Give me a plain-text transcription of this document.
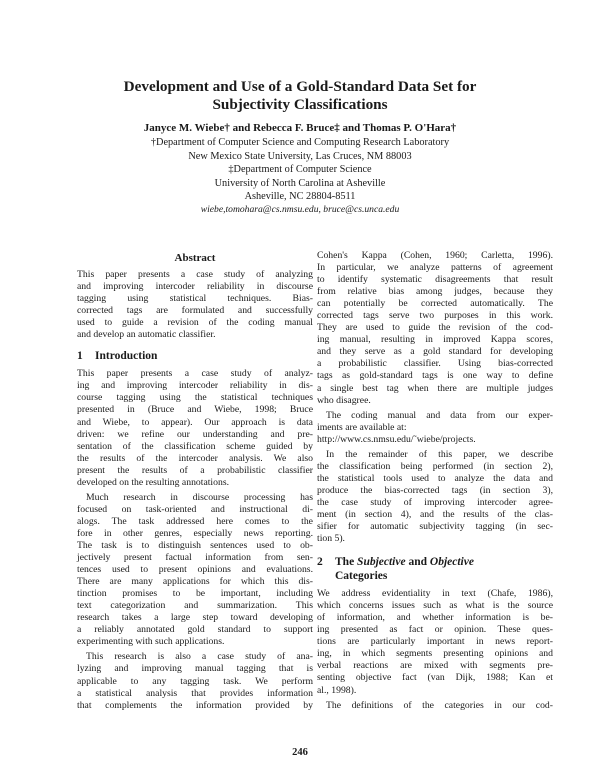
Development and Use of a Gold-Standard Data Set for
Subjectivity Classifications
Janyce M. Wiebe† and Rebecca F. Bruce‡ and Thomas P. O'Hara†
†Department of Computer Science and Computing Research Laboratory
New Mexico State University, Las Cruces, NM 88003
‡Department of Computer Science
University of North Carolina at Asheville
Asheville, NC 28804-8511
wiebe,tomohara@cs.nmsu.edu, bruce@cs.unca.edu
Abstract
This paper presents a case study of analyzing
and improving intercoder reliability in discourse
tagging using statistical techniques. Bias-
corrected tags are formulated and successfully
used to guide a revision of the coding manual
and develop an automatic classifier.
1 Introduction
This paper presents a case study of analyz-
ing and improving intercoder reliability in dis-
course tagging using the statistical techniques
presented in (Bruce and Wiebe, 1998; Bruce
and Wiebe, to appear). Our approach is data
driven: we refine our understanding and pre-
sentation of the classification scheme guided by
the results of the intercoder analysis. We also
present the results of a probabilistic classifier
developed on the resulting annotations.
Much research in discourse processing has
focused on task-oriented and instructional di-
alogs. The task addressed here comes to the
fore in other genres, especially news reporting.
The task is to distinguish sentences used to ob-
jectively present factual information from sen-
tences used to present opinions and evaluations.
There are many applications for which this dis-
tinction promises to be important, including
text categorization and summarization. This
research takes a large step toward developing
a reliably annotated gold standard to support
experimenting with such applications.
This research is also a case study of ana-
lyzing and improving manual tagging that is
applicable to any tagging task. We perform
a statistical analysis that provides information
that complements the information provided by
Cohen's Kappa (Cohen, 1960; Carletta, 1996).
In particular, we analyze patterns of agreement
to identify systematic disagreements that result
from relative bias among judges, because they
can potentially be corrected automatically. The
corrected tags serve two purposes in this work.
They are used to guide the revision of the cod-
ing manual, resulting in improved Kappa scores,
and they serve as a gold standard for developing
a probabilistic classifier. Using bias-corrected
tags as gold-standard tags is one way to define
a single best tag when there are multiple judges
who disagree.
The coding manual and data from our exper-
iments are available at:
http://www.cs.nmsu.edu/˜wiebe/projects.
In the remainder of this paper, we describe
the classification being performed (in section 2),
the statistical tools used to analyze the data and
produce the bias-corrected tags (in section 3),
the case study of improving intercoder agree-
ment (in section 4), and the results of the clas-
sifier for automatic subjectivity tagging (in sec-
tion 5).
2 The Subjective and Objective
Categories
We address evidentiality in text (Chafe, 1986),
which concerns issues such as what is the source
of information, and whether information is be-
ing presented as fact or opinion. These ques-
tions are particularly important in news report-
ing, in which segments presenting opinions and
verbal reactions are mixed with segments pre-
senting objective fact (van Dijk, 1988; Kan et
al., 1998).
The definitions of the categories in our cod-
246
